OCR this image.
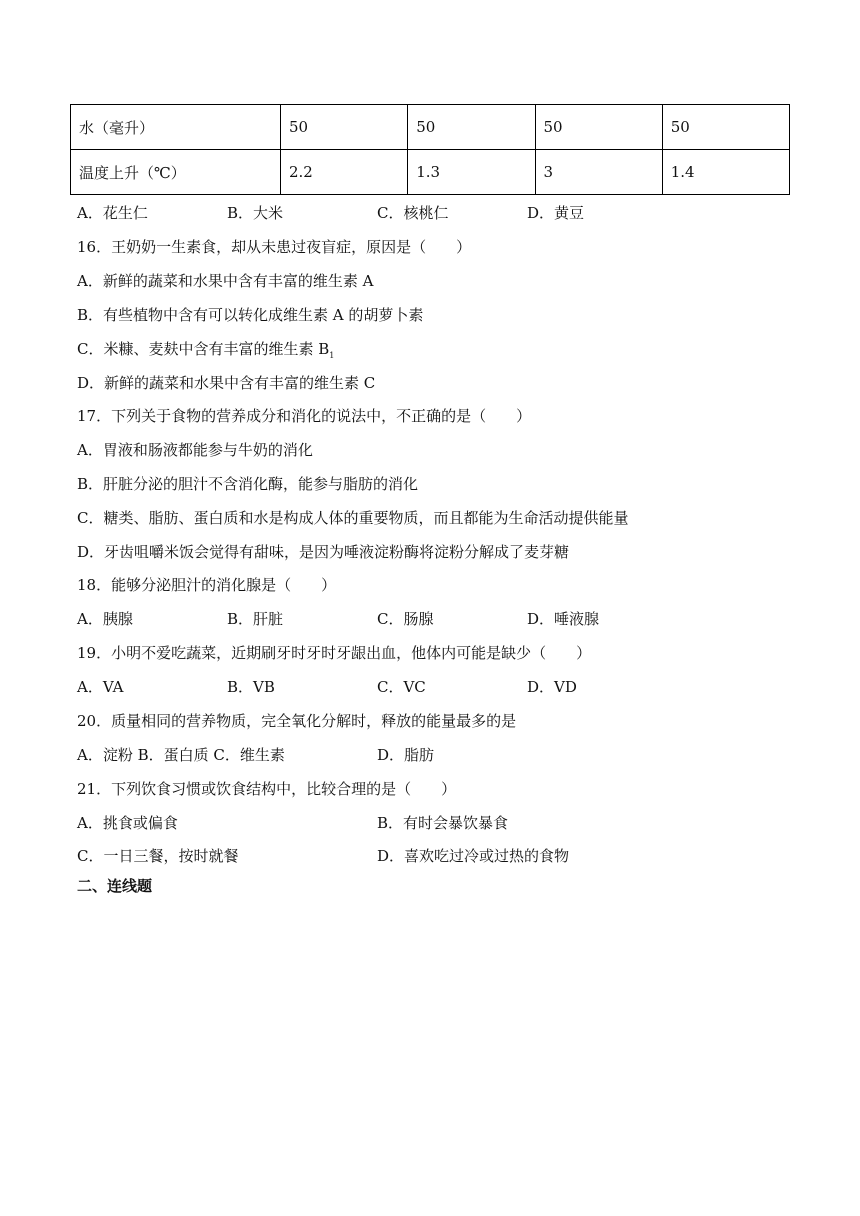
水（毫升）	50	50	50	50
温度上升（℃）	2.2	1.3	3	1.4
A．花生仁	B．大米	C．核桃仁	D．黄豆
16．王奶奶一生素食，却从未患过夜盲症，原因是（　　）
A．新鲜的蔬菜和水果中含有丰富的维生素 A
B．有些植物中含有可以转化成维生素 A 的胡萝卜素
C．米糠、麦麸中含有丰富的维生素 $B_1$
D．新鲜的蔬菜和水果中含有丰富的维生素 C
17．下列关于食物的营养成分和消化的说法中，不正确的是（　　）
A．胃液和肠液都能参与牛奶的消化
B．肝脏分泌的胆汁不含消化酶，能参与脂肪的消化
C．糖类、脂肪、蛋白质和水是构成人体的重要物质，而且都能为生命活动提供能量
D．牙齿咀嚼米饭会觉得有甜味，是因为唾液淀粉酶将淀粉分解成了麦芽糖
18．能够分泌胆汁的消化腺是（　　）
A．胰腺	B．肝脏	C．肠腺	D．唾液腺
19．小明不爱吃蔬菜，近期刷牙时牙时牙龈出血，他体内可能是缺少（　　）
A．VA	B．VB	C．VC	D．VD
20．质量相同的营养物质，完全氧化分解时，释放的能量最多的是
A．淀粉 B．蛋白质 C．维生素	D．脂肪
21．下列饮食习惯或饮食结构中，比较合理的是（　　）
A．挑食或偏食	B．有时会暴饮暴食
C．一日三餐，按时就餐	D．喜欢吃过冷或过热的食物
二、连线题
